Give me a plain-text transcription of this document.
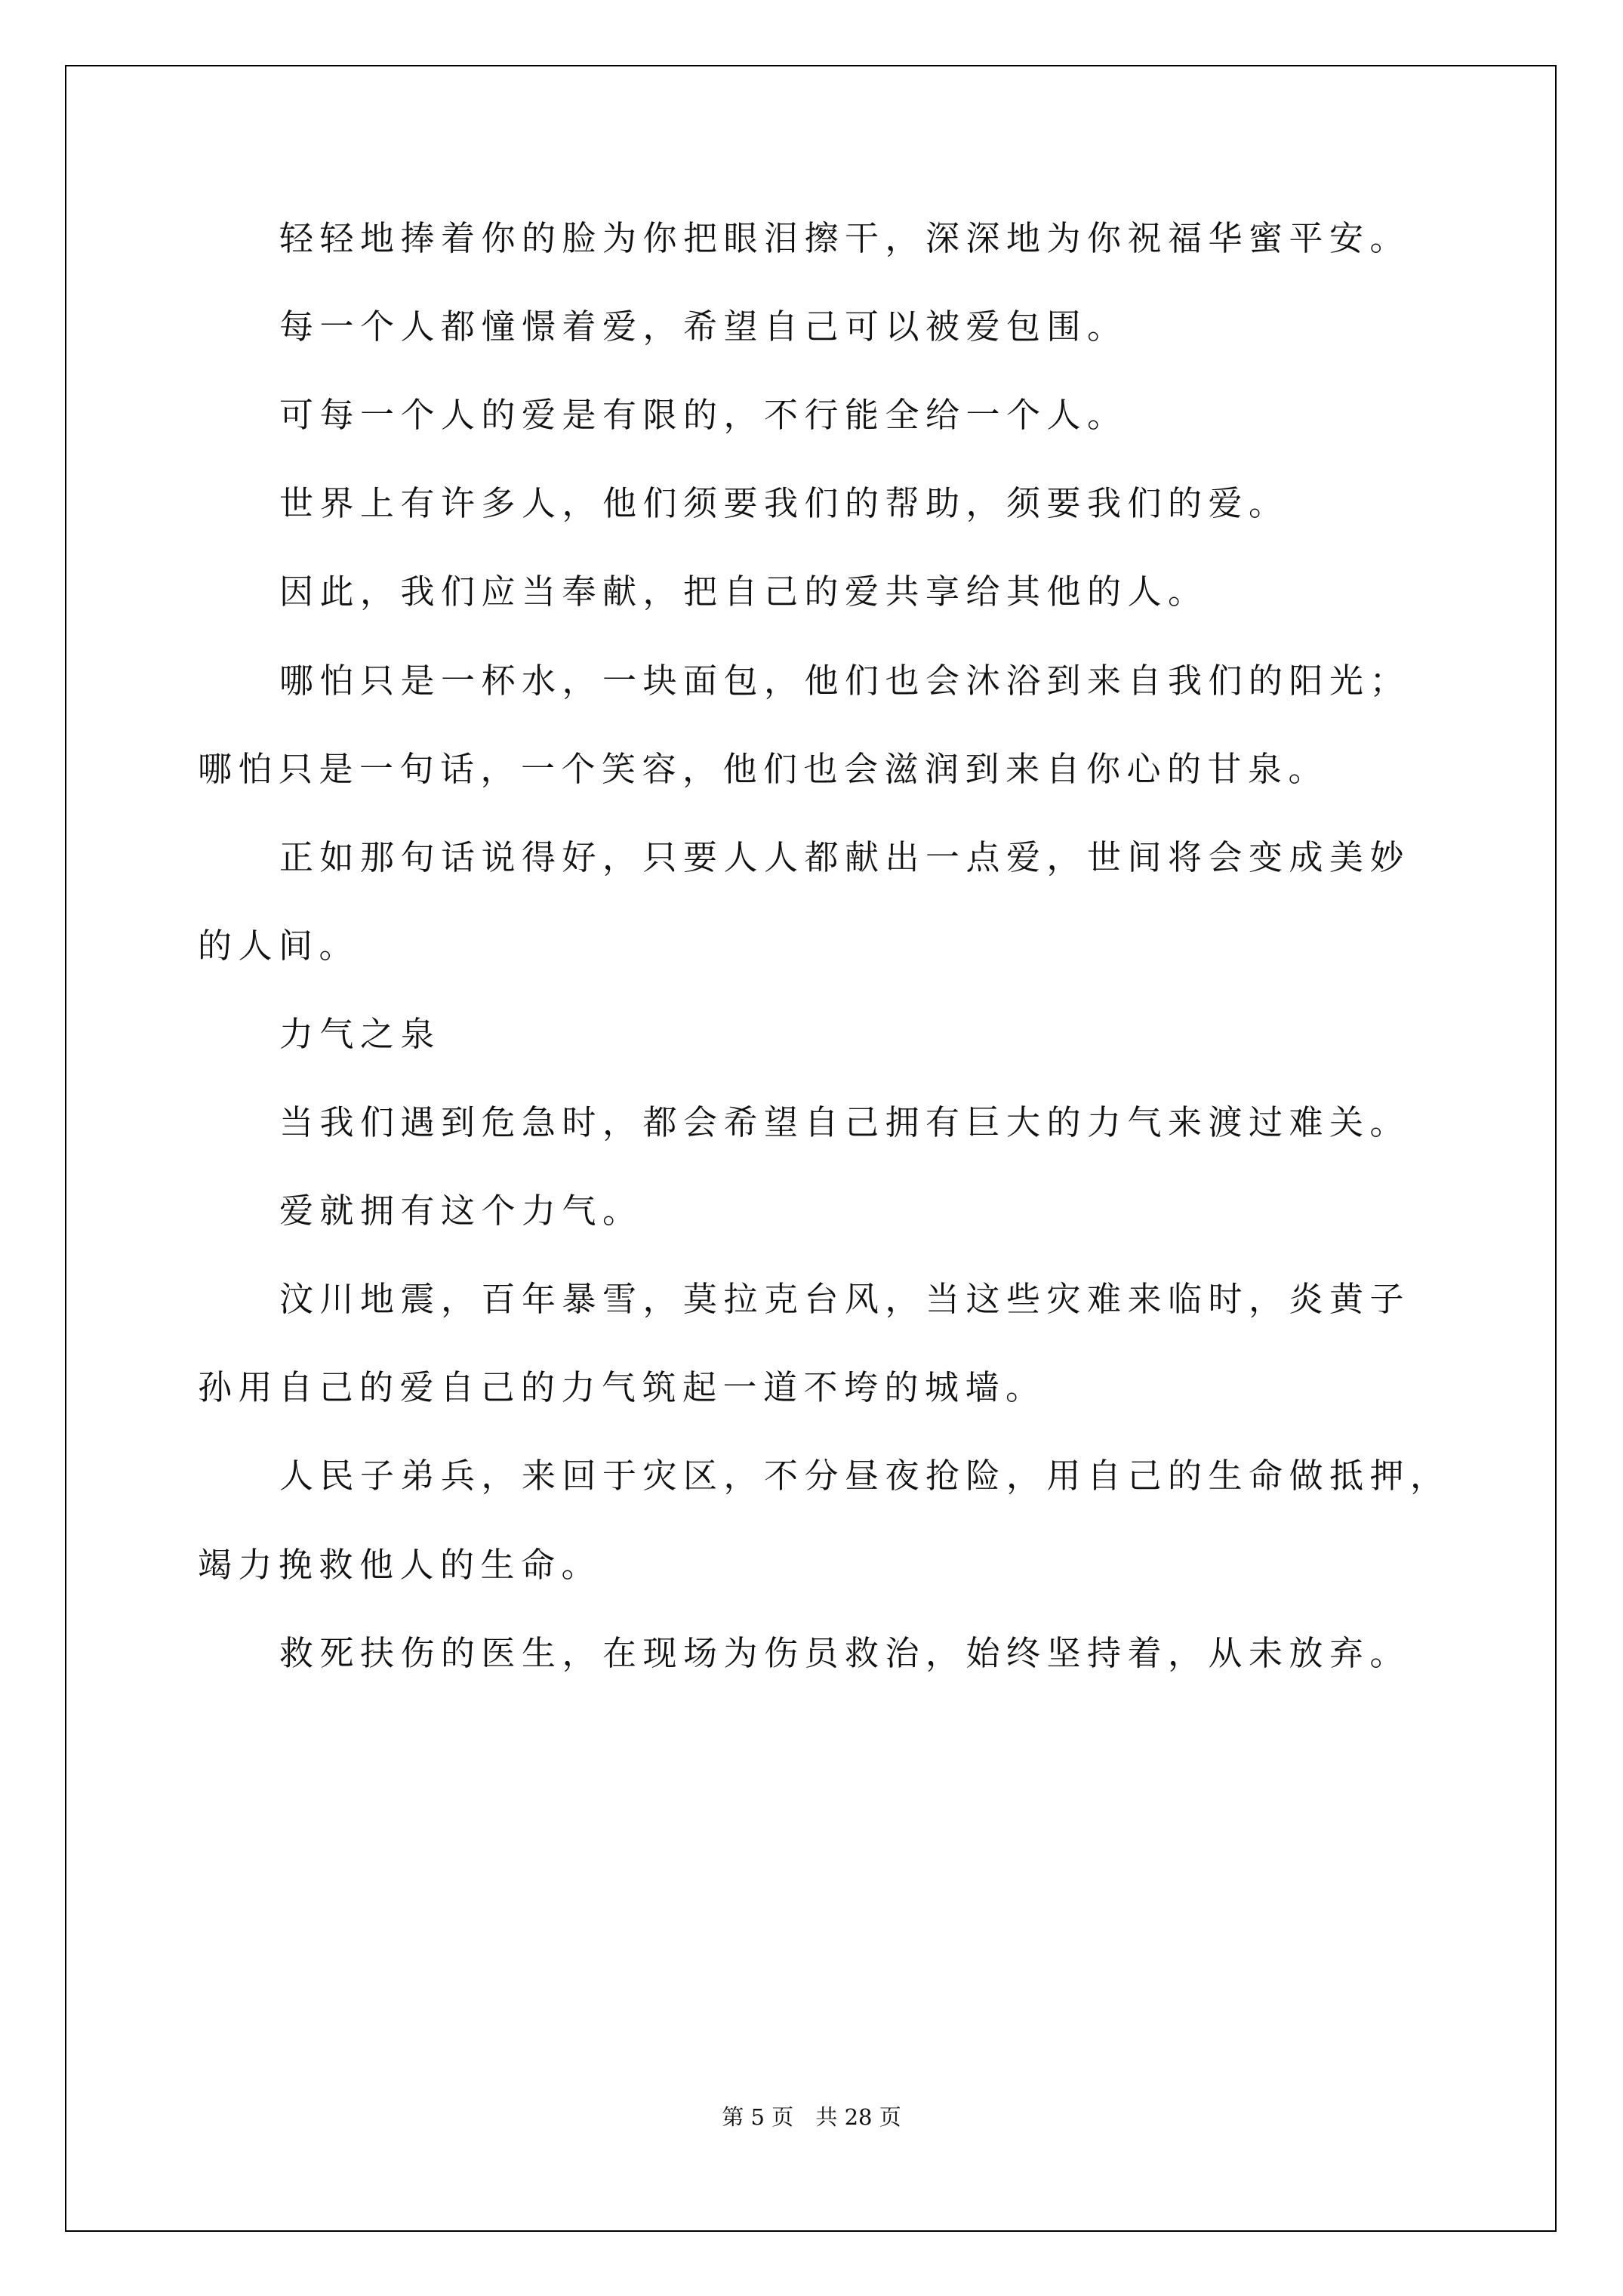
轻轻地捧着你的脸为你把眼泪擦干，深深地为你祝福华蜜平安。
每一个人都憧憬着爱，希望自己可以被爱包围。
可每一个人的爱是有限的，不行能全给一个人。
世界上有许多人，他们须要我们的帮助，须要我们的爱。
因此，我们应当奉献，把自己的爱共享给其他的人。
哪怕只是一杯水，一块面包，他们也会沐浴到来自我们的阳光；
哪怕只是一句话，一个笑容，他们也会滋润到来自你心的甘泉。
正如那句话说得好，只要人人都献出一点爱，世间将会变成美妙
的人间。
力气之泉
当我们遇到危急时，都会希望自己拥有巨大的力气来渡过难关。
爱就拥有这个力气。
汶川地震，百年暴雪，莫拉克台风，当这些灾难来临时，炎黄子
孙用自己的爱自己的力气筑起一道不垮的城墙。
人民子弟兵，来回于灾区，不分昼夜抢险，用自己的生命做抵押，
竭力挽救他人的生命。
救死扶伤的医生，在现场为伤员救治，始终坚持着，从未放弃。
第 5 页 共 28 页
